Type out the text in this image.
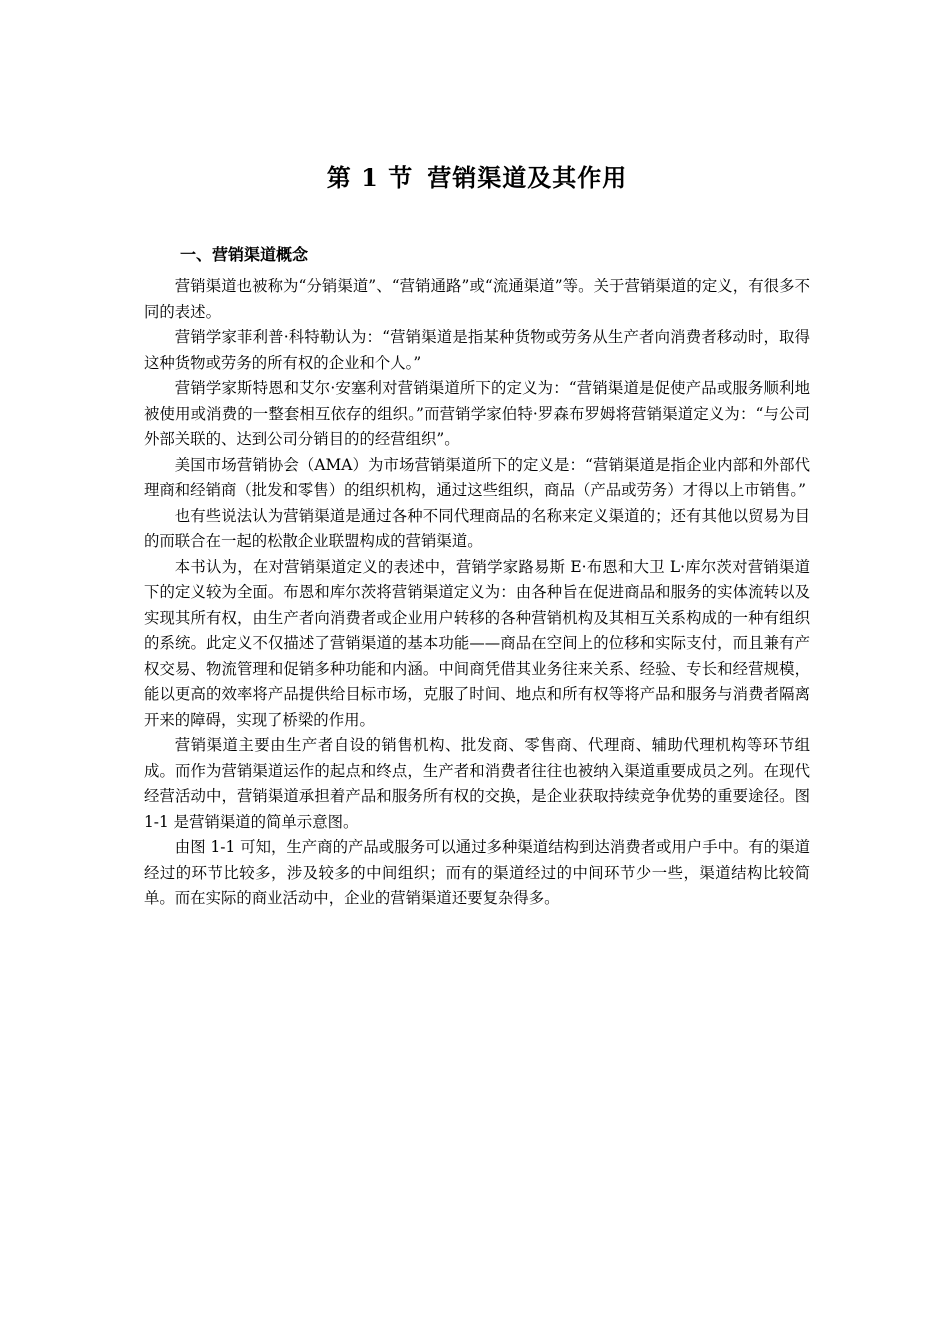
第 1 节 营销渠道及其作用
一、营销渠道概念

营销渠道也被称为“分销渠道”、“营销通路”或“流通渠道”等。关于营销渠道的定义，有很多不同的表述。

营销学家菲利普·科特勒认为：“营销渠道是指某种货物或劳务从生产者向消费者移动时，取得这种货物或劳务的所有权的企业和个人。”

营销学家斯特恩和艾尔·安塞利对营销渠道所下的定义为：“营销渠道是促使产品或服务顺利地被使用或消费的一整套相互依存的组织。”而营销学家伯特·罗森布罗姆将营销渠道定义为：“与公司外部关联的、达到公司分销目的的经营组织”。

美国市场营销协会（AMA）为市场营销渠道所下的定义是：“营销渠道是指企业内部和外部代理商和经销商（批发和零售）的组织机构，通过这些组织，商品（产品或劳务）才得以上市销售。”

也有些说法认为营销渠道是通过各种不同代理商品的名称来定义渠道的；还有其他以贸易为目的而联合在一起的松散企业联盟构成的营销渠道。

本书认为，在对营销渠道定义的表述中，营销学家路易斯 E·布恩和大卫 L·库尔茨对营销渠道下的定义较为全面。布恩和库尔茨将营销渠道定义为：由各种旨在促进商品和服务的实体流转以及实现其所有权，由生产者向消费者或企业用户转移的各种营销机构及其相互关系构成的一种有组织的系统。此定义不仅描述了营销渠道的基本功能——商品在空间上的位移和实际支付，而且兼有产权交易、物流管理和促销多种功能和内涵。中间商凭借其业务往来关系、经验、专长和经营规模，能以更高的效率将产品提供给目标市场，克服了时间、地点和所有权等将产品和服务与消费者隔离开来的障碍，实现了桥梁的作用。

营销渠道主要由生产者自设的销售机构、批发商、零售商、代理商、辅助代理机构等环节组成。而作为营销渠道运作的起点和终点，生产者和消费者往往也被纳入渠道重要成员之列。在现代经营活动中，营销渠道承担着产品和服务所有权的交换，是企业获取持续竞争优势的重要途径。图 1-1 是营销渠道的简单示意图。

由图 1-1 可知，生产商的产品或服务可以通过多种渠道结构到达消费者或用户手中。有的渠道经过的环节比较多，涉及较多的中间组织；而有的渠道经过的中间环节少一些，渠道结构比较简单。而在实际的商业活动中，企业的营销渠道还要复杂得多。
